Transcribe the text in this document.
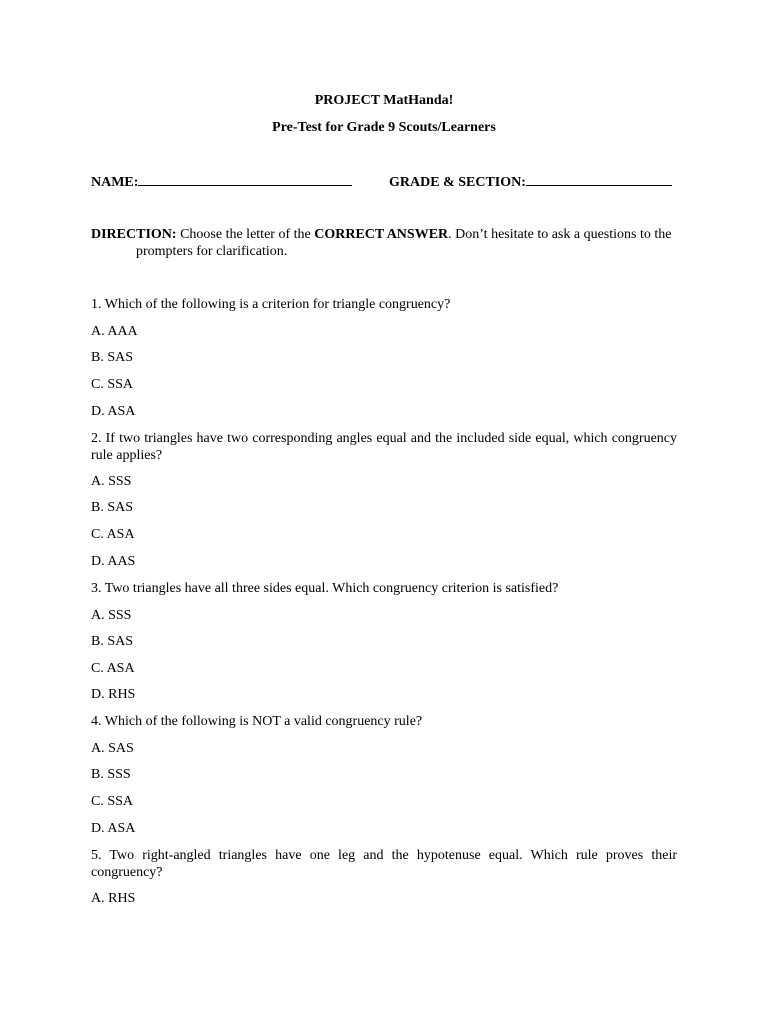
PROJECT MatHanda!
Pre-Test for Grade 9 Scouts/Learners
NAME:	GRADE & SECTION:
DIRECTION: Choose the letter of the CORRECT ANSWER. Don’t hesitate to ask a questions to the
prompters for clarification.
1. Which of the following is a criterion for triangle congruency?
A. AAA
B. SAS
C. SSA
D. ASA
2. If two triangles have two corresponding angles equal and the included side equal, which congruency rule applies?
A. SSS
B. SAS
C. ASA
D. AAS
3. Two triangles have all three sides equal. Which congruency criterion is satisfied?
A. SSS
B. SAS
C. ASA
D. RHS
4. Which of the following is NOT a valid congruency rule?
A. SAS
B. SSS
C. SSA
D. ASA
5. Two right-angled triangles have one leg and the hypotenuse equal. Which rule proves their congruency?
A. RHS
